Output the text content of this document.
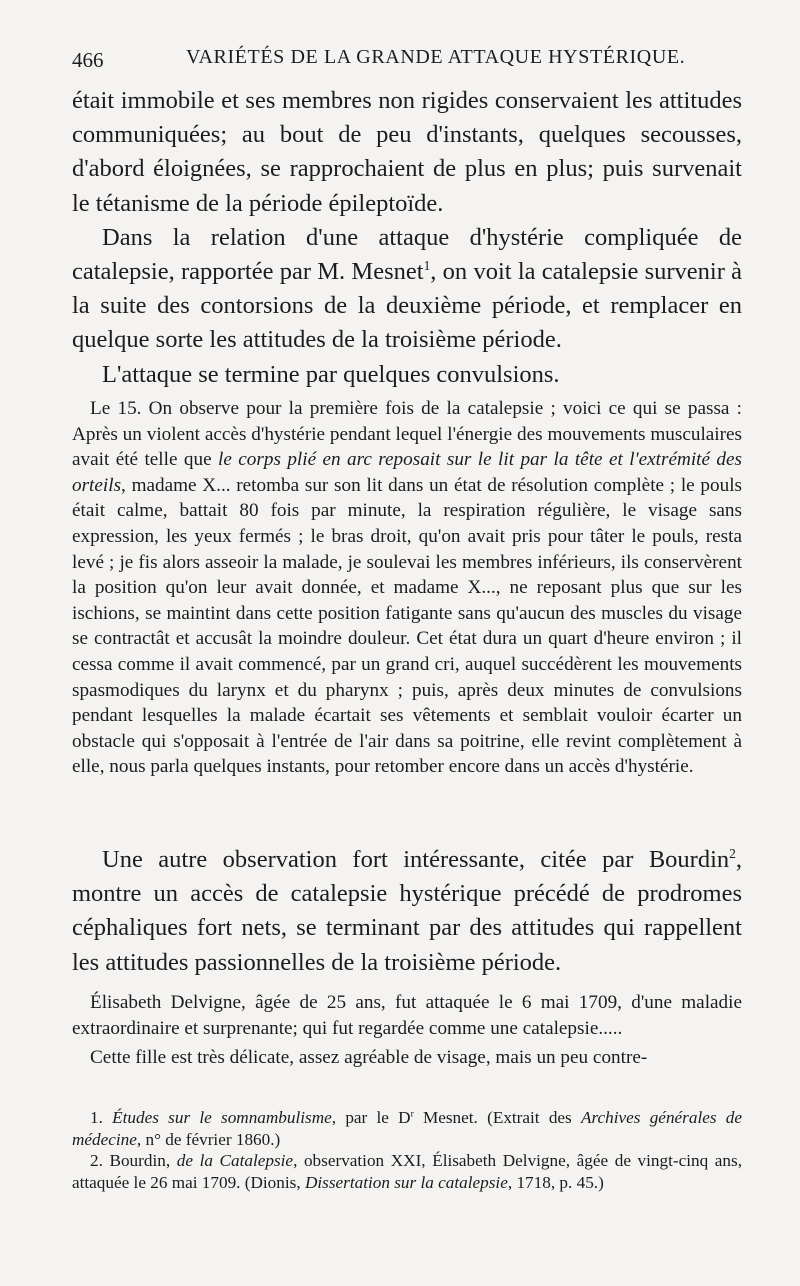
466	VARIÉTÉS DE LA GRANDE ATTAQUE HYSTÉRIQUE.

était immobile et ses membres non rigides conservaient les attitudes communiquées; au bout de peu d'instants, quelques secousses, d'abord éloignées, se rapprochaient de plus en plus; puis survenait le tétanisme de la période épileptoïde.

Dans la relation d'une attaque d'hystérie compliquée de catalepsie, rapportée par M. Mesnet$^1$, on voit la catalepsie survenir à la suite des contorsions de la deuxième période, et remplacer en quelque sorte les attitudes de la troisième période.

L'attaque se termine par quelques convulsions.

Le 15. On observe pour la première fois de la catalepsie ; voici ce qui se passa : Après un violent accès d'hystérie pendant lequel l'énergie des mouvements musculaires avait été telle que le corps plié en arc reposait sur le lit par la tête et l'extrémité des orteils, madame X... retomba sur son lit dans un état de résolution complète ; le pouls était calme, battait 80 fois par minute, la respiration régulière, le visage sans expression, les yeux fermés ; le bras droit, qu'on avait pris pour tâter le pouls, resta levé ; je fis alors asseoir la malade, je soulevai les membres inférieurs, ils conservèrent la position qu'on leur avait donnée, et madame X..., ne reposant plus que sur les ischions, se maintint dans cette position fatigante sans qu'aucun des muscles du visage se contractât et accusât la moindre douleur. Cet état dura un quart d'heure environ ; il cessa comme il avait commencé, par un grand cri, auquel succédèrent les mouvements spasmodiques du larynx et du pharynx ; puis, après deux minutes de convulsions pendant lesquelles la malade écartait ses vêtements et semblait vouloir écarter un obstacle qui s'opposait à l'entrée de l'air dans sa poitrine, elle revint complètement à elle, nous parla quelques instants, pour retomber encore dans un accès d'hystérie.

Une autre observation fort intéressante, citée par Bourdin$^2$, montre un accès de catalepsie hystérique précédé de prodromes céphaliques fort nets, se terminant par des attitudes qui rappellent les attitudes passionnelles de la troisième période.

Élisabeth Delvigne, âgée de 25 ans, fut attaquée le 6 mai 1709, d'une maladie extraordinaire et surprenante; qui fut regardée comme une catalepsie.....

Cette fille est très délicate, assez agréable de visage, mais un peu contre-

1. Études sur le somnambulisme, par le $D^r$ Mesnet. (Extrait des Archives générales de médecine, n° de février 1860.)

2. Bourdin, de la Catalepsie, observation XXI, Élisabeth Delvigne, âgée de vingt-cinq ans, attaquée le 26 mai 1709. (Dionis, Dissertation sur la catalepsie, 1718, p. 45.)
